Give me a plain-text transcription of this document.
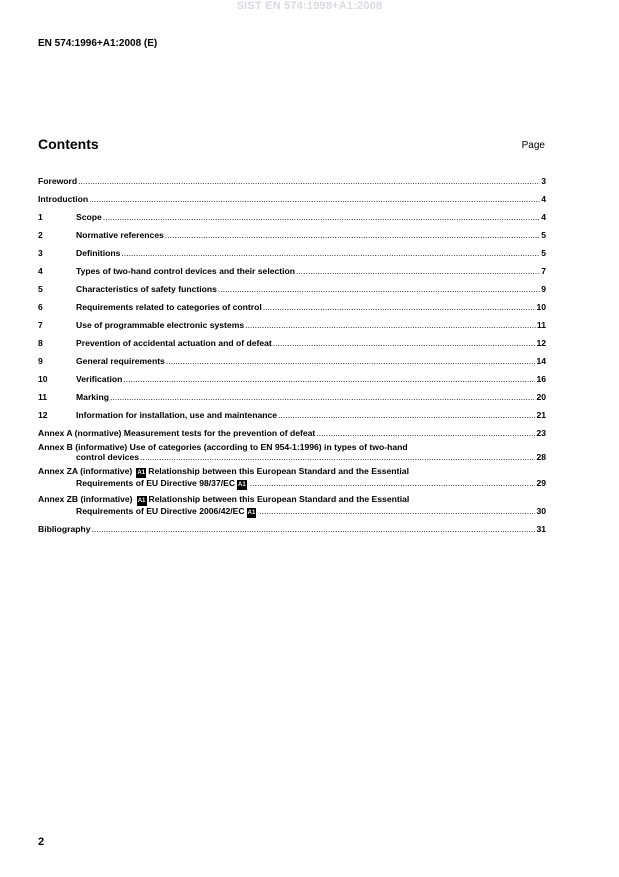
SIST EN 574:1998+A1:2008
EN 574:1996+A1:2008 (E)
Contents	Page
Foreword .....	3
Introduction .....	4
1	Scope .....	4
2	Normative references .....	5
3	Definitions .....	5
4	Types of two-hand control devices and their selection .....	7
5	Characteristics of safety functions .....	9
6	Requirements related to categories of control .....	10
7	Use of programmable electronic systems .....	11
8	Prevention of accidental actuation and of defeat .....	12
9	General requirements .....	14
10	Verification .....	16
11	Marking .....	20
12	Information for installation, use and maintenance .....	21
Annex A (normative) Measurement tests for the prevention of defeat .....	23
Annex B (informative) Use of categories (according to EN 954-1:1996) in types of two-hand
control devices .....	28
Annex ZA (informative) A1 Relationship between this European Standard and the Essential
Requirements of EU Directive 98/37/EC A1 .....	29
Annex ZB (informative) A1 Relationship between this European Standard and the Essential
Requirements of EU Directive 2006/42/EC A1 .....	30
Bibliography .....	31
2
